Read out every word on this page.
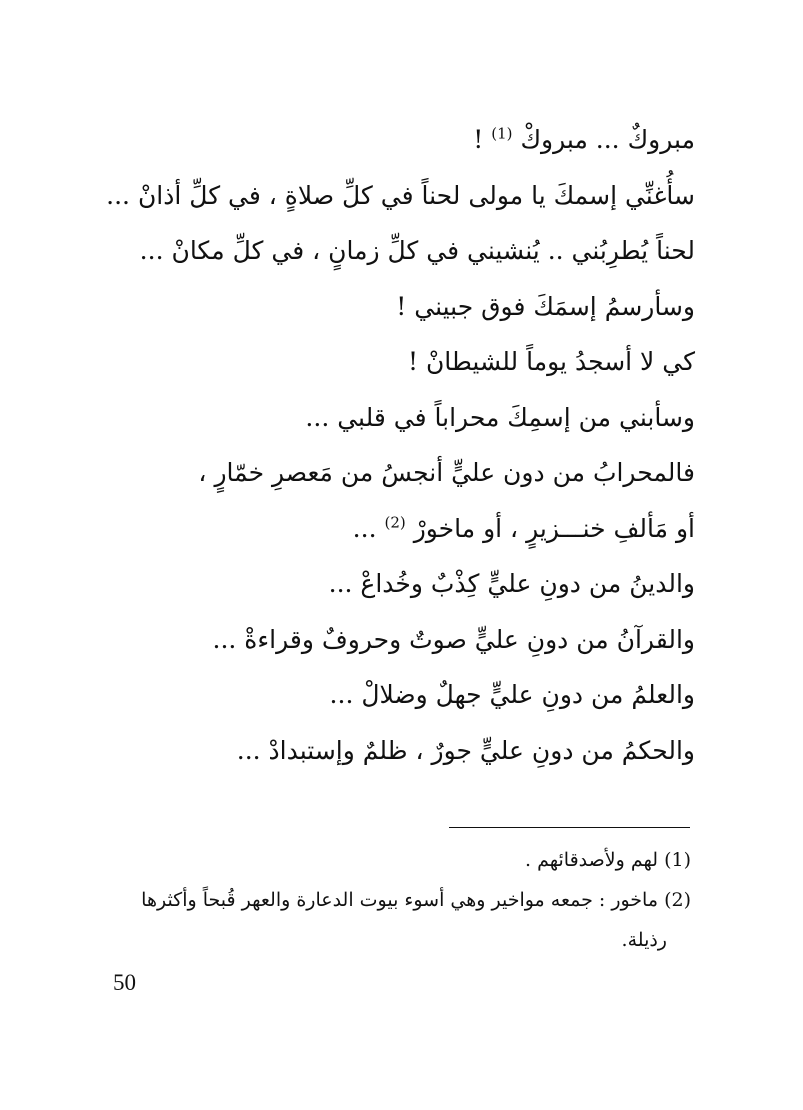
مبروكٌ ... مبروكْ $^{(1)}$ !
سأُغنِّي إسمكَ يا مولى لحناً في كلِّ صلاةٍ ، في كلِّ أذانْ ...
لحناً يُطرِبُني .. يُنشيني في كلِّ زمانٍ ، في كلِّ مكانْ ...
وسأرسمُ إسمَكَ فوق جبيني !
كي لا أسجدُ يوماً للشيطانْ !
وسأبني من إسمِكَ محراباً في قلبي ...
فالمحرابُ من دون عليٍّ أنجسُ من مَعصرِ خمّارٍ ،
أو مَألفِ خنـــزيرٍ ، أو ماخورْ $^{(2)}$ ...
والدينُ من دونِ عليٍّ كِذْبٌ وخُداعْ ...
والقرآنُ من دونِ عليٍّ صوتٌ وحروفٌ وقراءةْ ...
والعلمُ من دونِ عليٍّ جهلٌ وضلالْ ...
والحكمُ من دونِ عليٍّ جورٌ ، ظلمٌ وإستبدادْ ...
(1) لهم ولأصدقائهم .
(2) ماخور : جمعه مواخير وهي أسوء بيوت الدعارة والعهر قُبحاً وأكثرها
رذيلة.
50
